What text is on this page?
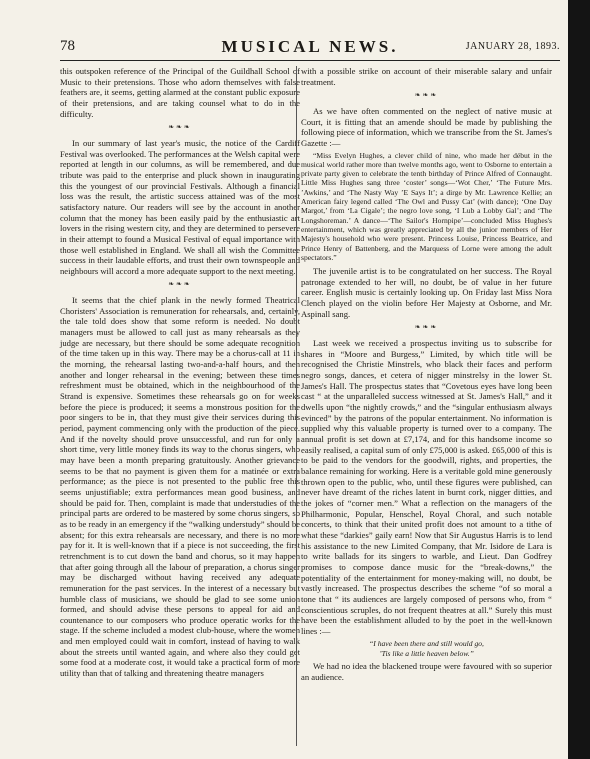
78	MUSICAL NEWS.	JANUARY 28, 1893.

this outspoken reference of the Principal of the Guildhall School of Music to their pretensions. Those who adorn themselves with false feathers are, it seems, getting alarmed at the constant public exposure of their pretensions, and are taking counsel what to do in the difficulty.

❧❧❧

In our summary of last year's music, the notice of the Cardiff Festival was overlooked. The performances at the Welsh capital were reported at length in our columns, as will be remembered, and due tribute was paid to the enterprise and pluck shown in inaugurating this the youngest of our provincial Festivals. Although a financial loss was the result, the artistic success attained was of the most satisfactory nature. Our readers will see by the account in another column that the money has been easily paid by the enthusiastic art lovers in the rising western city, and they are determined to persevere in their attempt to found a Musical Festival of equal importance with those well established in England. We shall all wish the Committee success in their laudable efforts, and trust their own townspeople and neighbours will accord a more adequate support to the next meeting.

❧❧❧

It seems that the chief plank in the newly formed Theatrical Choristers' Association is remuneration for rehearsals, and, certainly, the tale told does show that some reform is needed. No doubt managers must be allowed to call just as many rehearsals as they judge are necessary, but there should be some adequate recognition of the time taken up in this way. There may be a chorus-call at 11 in the morning, the rehearsal lasting two-and-a-half hours, and then another and longer rehearsal in the evening; between these times refreshment must be obtained, which in the neighbourhood of the Strand is expensive. Sometimes these rehearsals go on for weeks before the piece is produced; it seems a monstrous position for the poor singers to be in, that they must give their services during this period, payment commencing only with the production of the piece. And if the novelty should prove unsuccessful, and run for only a short time, very little money finds its way to the chorus singers, who may have been a month preparing gratuitously. Another grievance seems to be that no payment is given them for a matinée or extra performance; as the piece is not presented to the public free this seems unjustifiable; extra performances mean good business, and should be paid for. Then, complaint is made that understudies of the principal parts are ordered to be mastered by some chorus singers, so as to be ready in an emergency if the “walking understudy” should be absent; for this extra rehearsals are necessary, and there is no more pay for it. It is well-known that if a piece is not succeeding, the first retrenchment is to cut down the band and chorus, so it may happen that after going through all the labour of preparation, a chorus singer may be discharged without having received any adequate remuneration for the past services. In the interest of a necessary but humble class of musicians, we should be glad to see some union formed, and should advise these persons to appeal for aid and countenance to our composers who produce operatic works for the stage. If the scheme included a modest club-house, where the women and men employed could wait in comfort, instead of having to walk about the streets until wanted again, and where also they could get some food at a moderate cost, it would take a practical form of more utility than that of talking and threatening theatre managers

with a possible strike on account of their miserable salary and unfair treatment.

❧❧❧

As we have often commented on the neglect of native music at Court, it is fitting that an amende should be made by publishing the following piece of information, which we transcribe from the St. James's Gazette :—

“Miss Evelyn Hughes, a clever child of nine, who made her début in the musical world rather more than twelve months ago, went to Osborne to entertain a private party given to celebrate the tenth birthday of Prince Alfred of Connaught. Little Miss Hughes sang three ‘coster’ songs—‘Wot Cher,’ ‘The Future Mrs. ’Awkins,’ and ‘The Nasty Way ’E Says It’; a dirge by Mr. Lawrence Kellie; an American fairy legend called ‘The Owl and Pussy Cat’ (with dance); ‘One Day Margot,’ from ‘La Cigale’; the negro love song, ‘I Lub a Lobby Gal’; and ‘The Longshoreman.’ A dance—‘The Sailor's Hornpipe’—concluded Miss Hughes's entertainment, which was greatly appreciated by all the junior members of Her Majesty's household who were present. Princess Louise, Princess Beatrice, and Prince Henry of Battenberg, and the Marquess of Lorne were among the adult spectators.”

The juvenile artist is to be congratulated on her success. The Royal patronage extended to her will, no doubt, be of value in her future career. English music is certainly looking up. On Friday last Miss Nora Clench played on the violin before Her Majesty at Osborne, and Mr. Aspinall sang.

❧❧❧

Last week we received a prospectus inviting us to subscribe for shares in “Moore and Burgess,” Limited, by which title will be recognised the Christie Minstrels, who black their faces and perform negro songs, dances, et cetera of nigger minstrelsy in the lower St. James's Hall. The prospectus states that “Covetous eyes have long been cast “ at the unparalleled success witnessed at St. James's Hall,” and it dwells upon “the nightly crowds,” and the “singular enthusiasm always evinced” by the patrons of the popular entertainment. No information is supplied why this valuable property is turned over to a company. The annual profit is set down at £7,174, and for this handsome income so easily realised, a capital sum of only £75,000 is asked. £65,000 of this is to be paid to the vendors for the goodwill, rights, and properties, the balance remaining for working. Here is a veritable gold mine generously thrown open to the public, who, until these figures were published, can never have dreamt of the riches latent in burnt cork, nigger ditties, and the jokes of “corner men.” What a reflection on the managers of the Philharmonic, Popular, Henschel, Royal Choral, and such notable concerts, to think that their united profit does not amount to a tithe of what these “darkies” gaily earn! Now that Sir Augustus Harris is to lend his assistance to the new Limited Company, that Mr. Isidore de Lara is to write ballads for its singers to warble, and Lieut. Dan Godfrey promises to compose dance music for the “break-downs,” the potentiality of the entertainment for money-making will, no doubt, be vastly increased. The prospectus describes the scheme “of so moral a tone that “ its audiences are largely composed of persons who, from “ conscientious scruples, do not frequent theatres at all.” Surely this must have been the establishment alluded to by the poet in the well-known lines :—

“I have been there and still would go,
’Tis like a little heaven below.”

We had no idea the blackened troupe were favoured with so superior an audience.
